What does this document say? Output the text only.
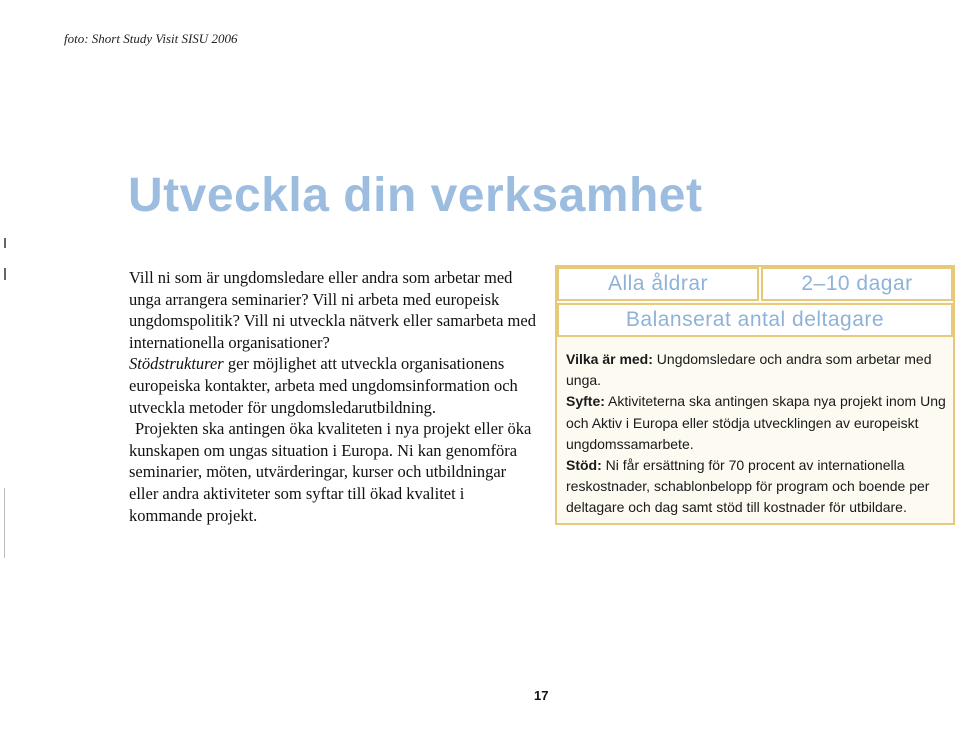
foto: Short Study Visit SISU 2006
Utveckla din verksamhet

Vill ni som är ungdomsledare eller andra som arbetar med unga arrangera seminarier? Vill ni arbeta med europeisk ungdomspolitik? Vill ni utveckla nätverk eller samarbeta med internationella organisationer?

Stödstrukturer ger möjlighet att utveckla organisationens europeiska kontakter, arbeta med ungdomsinformation och utveckla metoder för ungdomsledarutbildning.

Projekten ska antingen öka kvaliteten i nya projekt eller öka kunskapen om ungas situation i Europa. Ni kan genomföra seminarier, möten, utvärderingar, kurser och utbildningar eller andra aktiviteter som syftar till ökad kvalitet i kommande projekt.

Alla åldrar	2–10 dagar
Balanserat antal deltagare

Vilka är med: Ungdomsledare och andra som arbetar med unga.

Syfte: Aktiviteterna ska antingen skapa nya projekt inom Ung och Aktiv i Europa eller stödja utvecklingen av europeiskt ungdomssamarbete.

Stöd: Ni får ersättning för 70 procent av internationella reskostnader, schablonbelopp för program och boende per deltagare och dag samt stöd till kostnader för utbildare.

17
